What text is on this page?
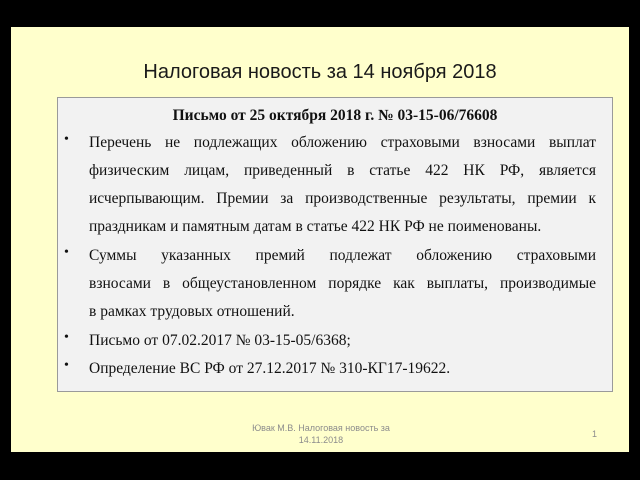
Налоговая новость за 14 ноября 2018
Письмо от 25 октября 2018 г. № 03-15-06/76608
• Перечень не подлежащих обложению страховыми взносами выплат
физическим лицам, приведенный в статье 422 НК РФ, является
исчерпывающим. Премии за производственные результаты, премии к
праздникам и памятным датам в статье 422 НК РФ не поименованы.
• Суммы указанных премий подлежат обложению страховыми
взносами в общеустановленном порядке как выплаты, производимые
в рамках трудовых отношений.
• Письмо от 07.02.2017 № 03-15-05/6368;
• Определение ВС РФ от 27.12.2017 № 310-КГ17-19622.
Ювак М.В. Налоговая новость за
14.11.2018
1
